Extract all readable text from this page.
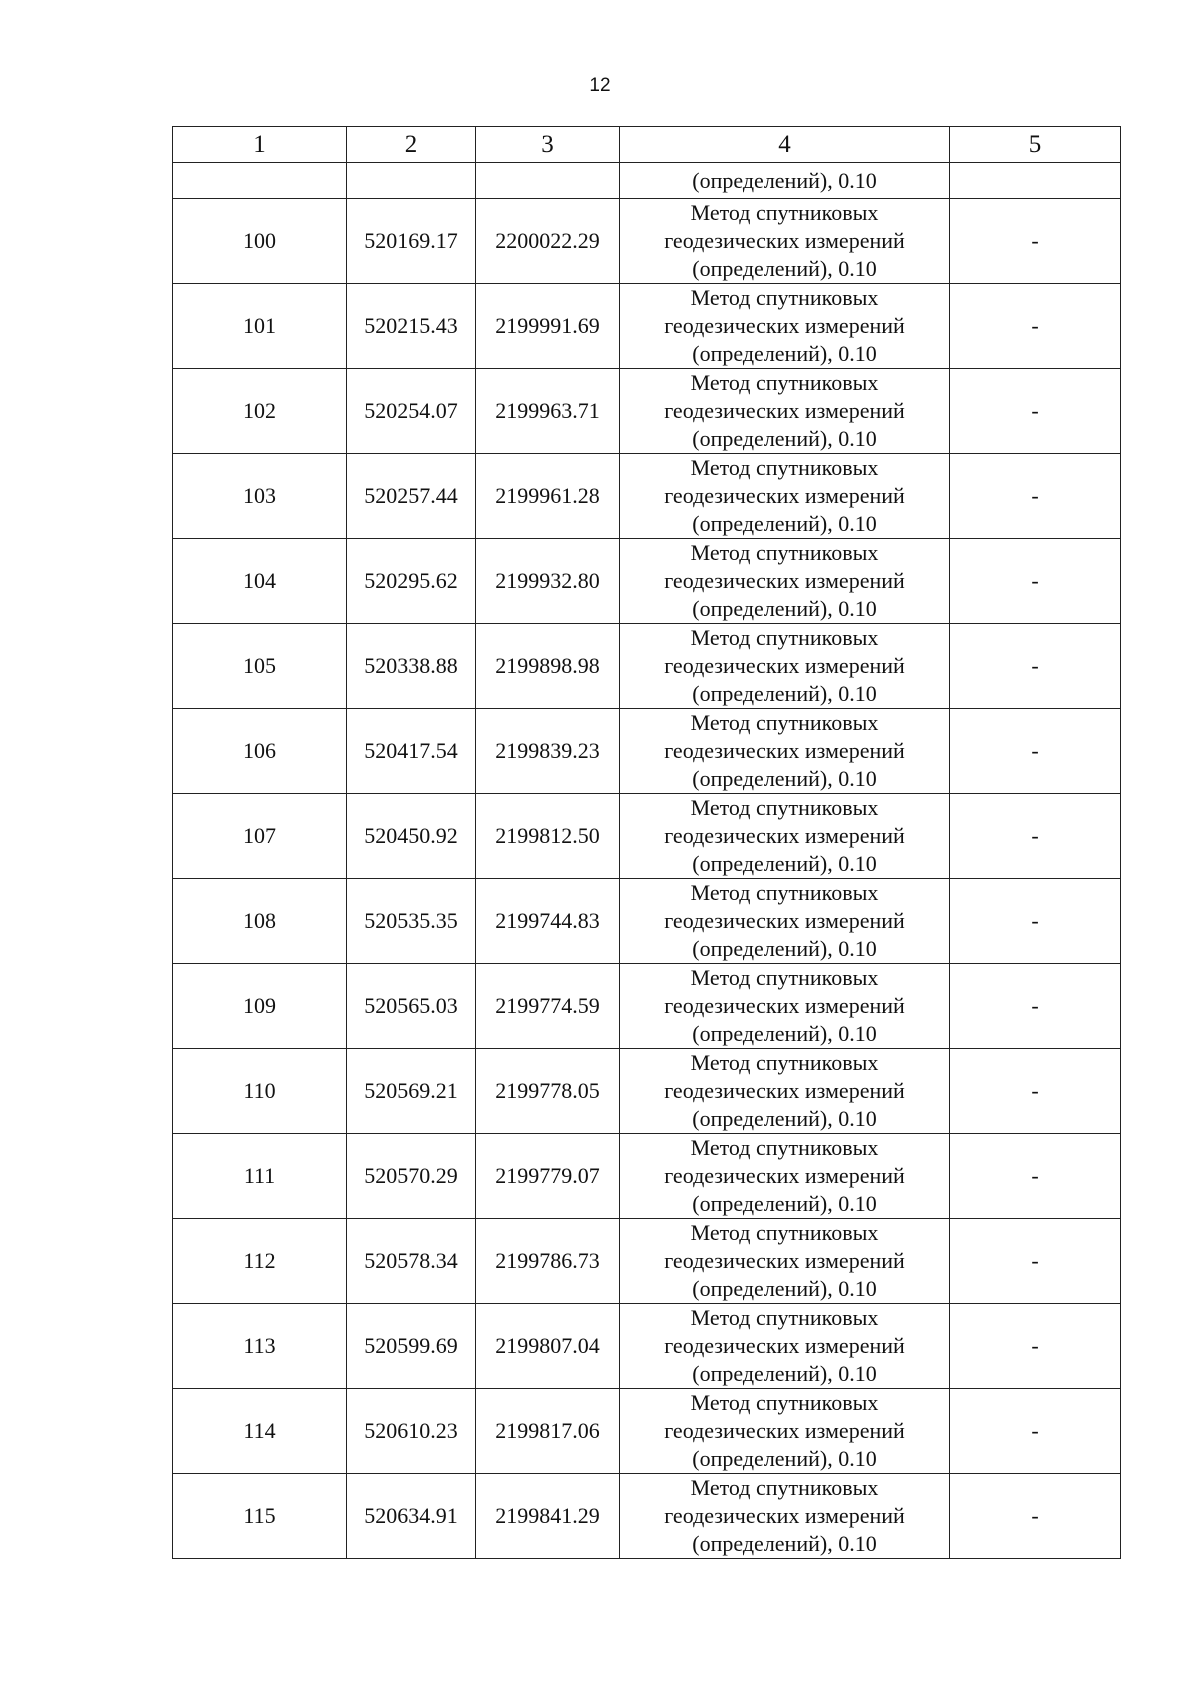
12
1	2	3	4	5
			(определений), 0.10	
100	520169.17	2200022.29	Метод спутниковых
геодезических измерений
(определений), 0.10	-
101	520215.43	2199991.69	Метод спутниковых
геодезических измерений
(определений), 0.10	-
102	520254.07	2199963.71	Метод спутниковых
геодезических измерений
(определений), 0.10	-
103	520257.44	2199961.28	Метод спутниковых
геодезических измерений
(определений), 0.10	-
104	520295.62	2199932.80	Метод спутниковых
геодезических измерений
(определений), 0.10	-
105	520338.88	2199898.98	Метод спутниковых
геодезических измерений
(определений), 0.10	-
106	520417.54	2199839.23	Метод спутниковых
геодезических измерений
(определений), 0.10	-
107	520450.92	2199812.50	Метод спутниковых
геодезических измерений
(определений), 0.10	-
108	520535.35	2199744.83	Метод спутниковых
геодезических измерений
(определений), 0.10	-
109	520565.03	2199774.59	Метод спутниковых
геодезических измерений
(определений), 0.10	-
110	520569.21	2199778.05	Метод спутниковых
геодезических измерений
(определений), 0.10	-
111	520570.29	2199779.07	Метод спутниковых
геодезических измерений
(определений), 0.10	-
112	520578.34	2199786.73	Метод спутниковых
геодезических измерений
(определений), 0.10	-
113	520599.69	2199807.04	Метод спутниковых
геодезических измерений
(определений), 0.10	-
114	520610.23	2199817.06	Метод спутниковых
геодезических измерений
(определений), 0.10	-
115	520634.91	2199841.29	Метод спутниковых
геодезических измерений
(определений), 0.10	-
